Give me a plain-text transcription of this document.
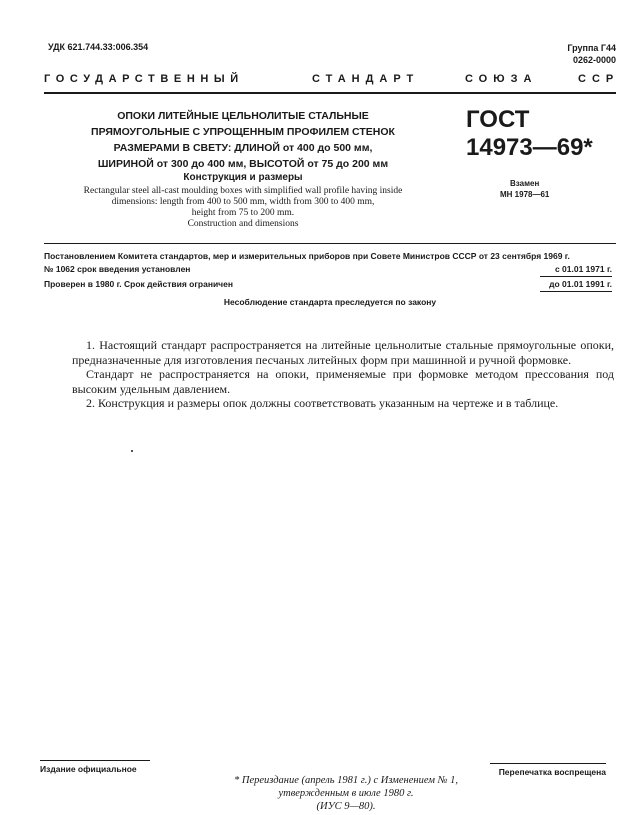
УДК 621.744.33:006.354	Группа Г44
0262-0000
ГОСУДАРСТВЕННЫЙ	СТАНДАРТ	СОЮЗА	ССР
ОПОКИ ЛИТЕЙНЫЕ ЦЕЛЬНОЛИТЫЕ СТАЛЬНЫЕ
ПРЯМОУГОЛЬНЫЕ С УПРОЩЕННЫМ ПРОФИЛЕМ СТЕНОК
РАЗМЕРАМИ В СВЕТУ: ДЛИНОЙ от 400 до 500 мм,
ШИРИНОЙ от 300 до 400 мм, ВЫСОТОЙ от 75 до 200 мм
Конструкция и размеры
Rectangular steel all-cast moulding boxes with simplified wall profile having inside
dimensions: length from 400 to 500 mm, width from 300 to 400 mm,
height from 75 to 200 mm.
Construction and dimensions
ГОСТ
14973—69*
Взамен
МН 1978—61
Постановлением Комитета стандартов, мер и измерительных приборов при Совете Министров СССР от 23 сентября 1969 г.
№ 1062 срок введения установлен	с 01.01 1971 г.
Проверен в 1980 г. Срок действия ограничен	до 01.01 1991 г.
Несоблюдение стандарта преследуется по закону

1. Настоящий стандарт распространяется на литейные цельнолитые стальные прямоугольные опоки, предназначенные для изготовления песчаных литейных форм при машинной и ручной формовке.

Стандарт не распространяется на опоки, применяемые при формовке методом прессования под высоким удельным давлением.

2. Конструкция и размеры опок должны соответствовать указанным на чертеже и в таблице.

Издание официальное	Перепечатка воспрещена
* Переиздание (апрель 1981 г.) с Изменением № 1,
утвержденным в июле 1980 г.
(ИУС 9—80).
